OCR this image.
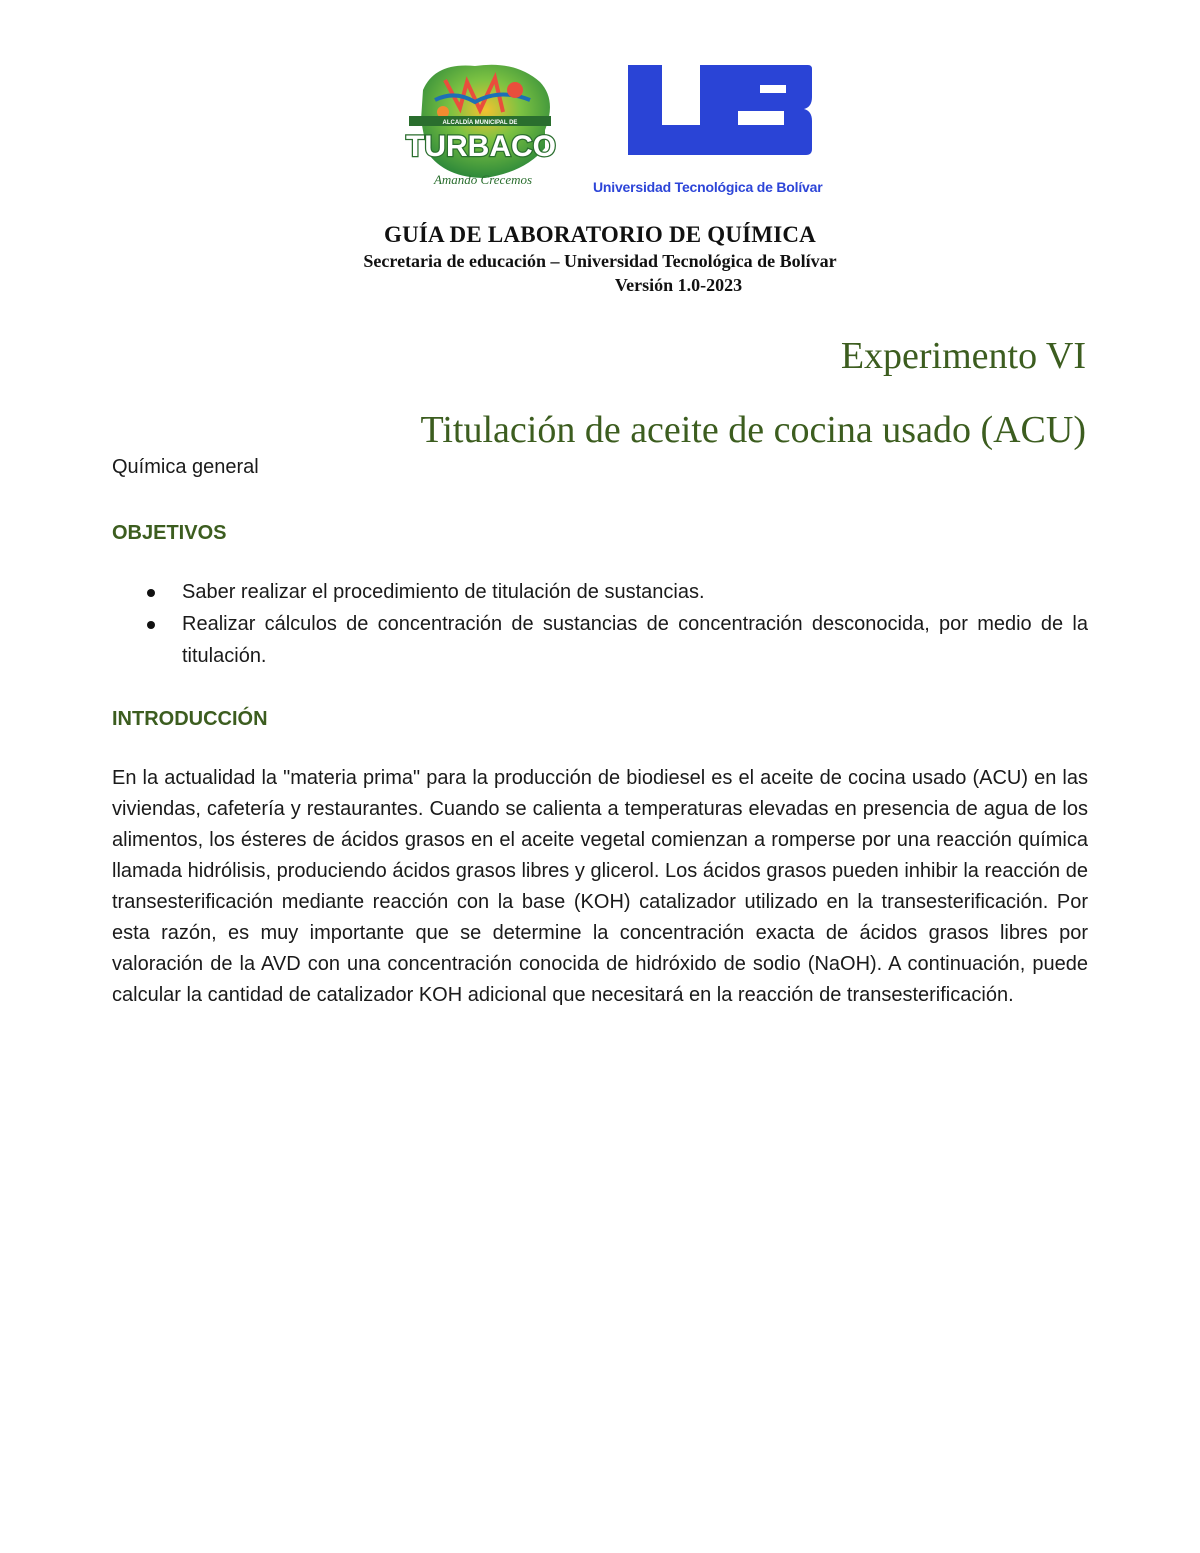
ALCALDÍA MUNICIPAL DE
TURBACO
Amando Crecemos	Universidad Tecnológica de Bolívar
GUÍA DE LABORATORIO DE QUÍMICA
Secretaria de educación – Universidad Tecnológica de Bolívar
Versión 1.0-2023
Experimento VI
Titulación de aceite de cocina usado (ACU)
Química general
OBJETIVOS
Saber realizar el procedimiento de titulación de sustancias.
Realizar cálculos de concentración de sustancias de concentración desconocida, por medio de la titulación.
INTRODUCCIÓN
En la actualidad la "materia prima" para la producción de biodiesel es el aceite de cocina usado (ACU) en las viviendas, cafetería y restaurantes. Cuando se calienta a temperaturas elevadas en presencia de agua de los alimentos, los ésteres de ácidos grasos en el aceite vegetal comienzan a romperse por una reacción química llamada hidrólisis, produciendo ácidos grasos libres y glicerol. Los ácidos grasos pueden inhibir la reacción de transesterificación mediante reacción con la base (KOH) catalizador utilizado en la transesterificación. Por esta razón, es muy importante que se determine la concentración exacta de ácidos grasos libres por valoración de la AVD con una concentración conocida de hidróxido de sodio (NaOH). A continuación, puede calcular la cantidad de catalizador KOH adicional que necesitará en la reacción de transesterificación.
